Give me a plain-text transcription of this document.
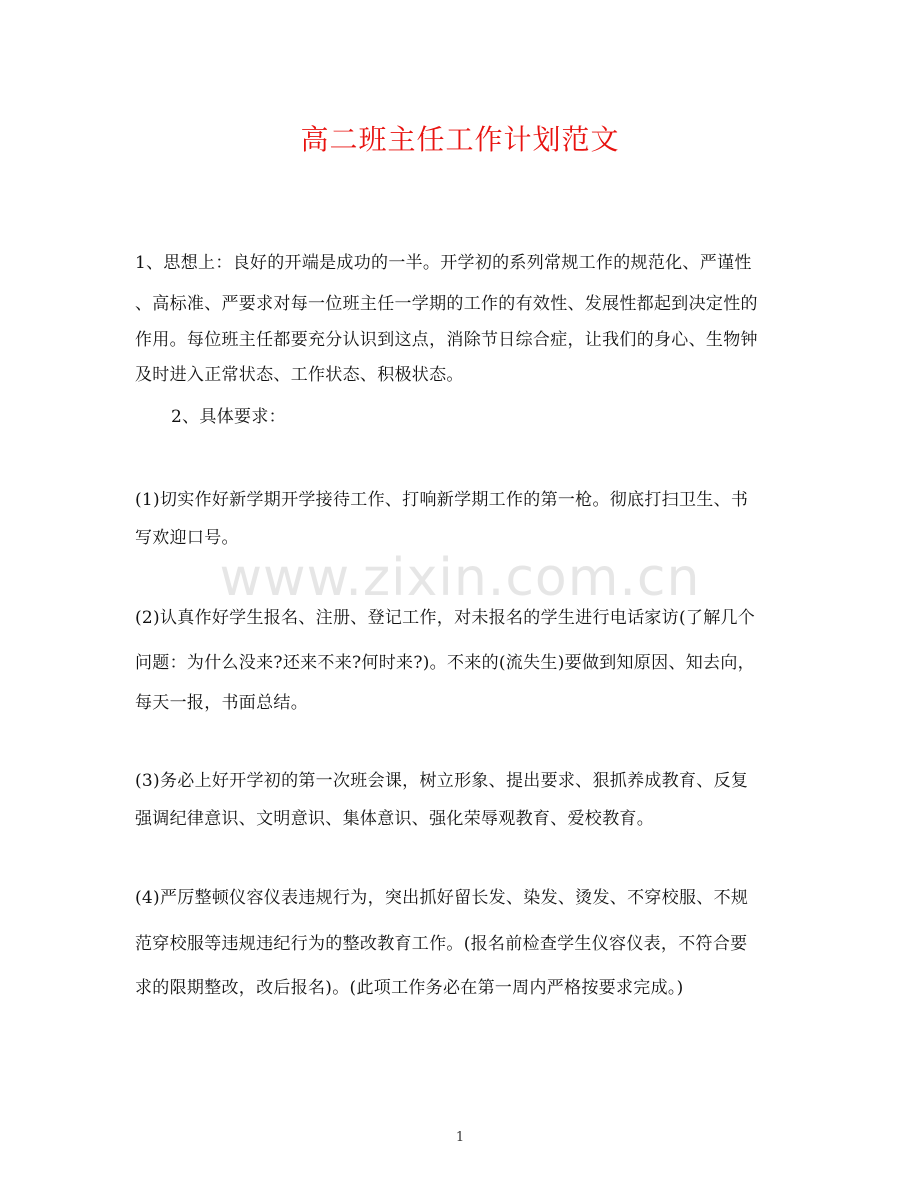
高二班主任工作计划范文
1、思想上：良好的开端是成功的一半。开学初的系列常规工作的规范化、严谨性
、高标准、严要求对每一位班主任一学期的工作的有效性、发展性都起到决定性的
作用。每位班主任都要充分认识到这点，消除节日综合症，让我们的身心、生物钟
及时进入正常状态、工作状态、积极状态。
2、具体要求：
(1)切实作好新学期开学接待工作、打响新学期工作的第一枪。彻底打扫卫生、书
写欢迎口号。
www.zixin.com.cn
(2)认真作好学生报名、注册、登记工作，对未报名的学生进行电话家访(了解几个
问题：为什么没来?还来不来?何时来?)。不来的(流失生)要做到知原因、知去向，
每天一报，书面总结。
(3)务必上好开学初的第一次班会课，树立形象、提出要求、狠抓养成教育、反复
强调纪律意识、文明意识、集体意识、强化荣辱观教育、爱校教育。
(4)严厉整顿仪容仪表违规行为，突出抓好留长发、染发、烫发、不穿校服、不规
范穿校服等违规违纪行为的整改教育工作。(报名前检查学生仪容仪表，不符合要
求的限期整改，改后报名)。(此项工作务必在第一周内严格按要求完成。)
1
